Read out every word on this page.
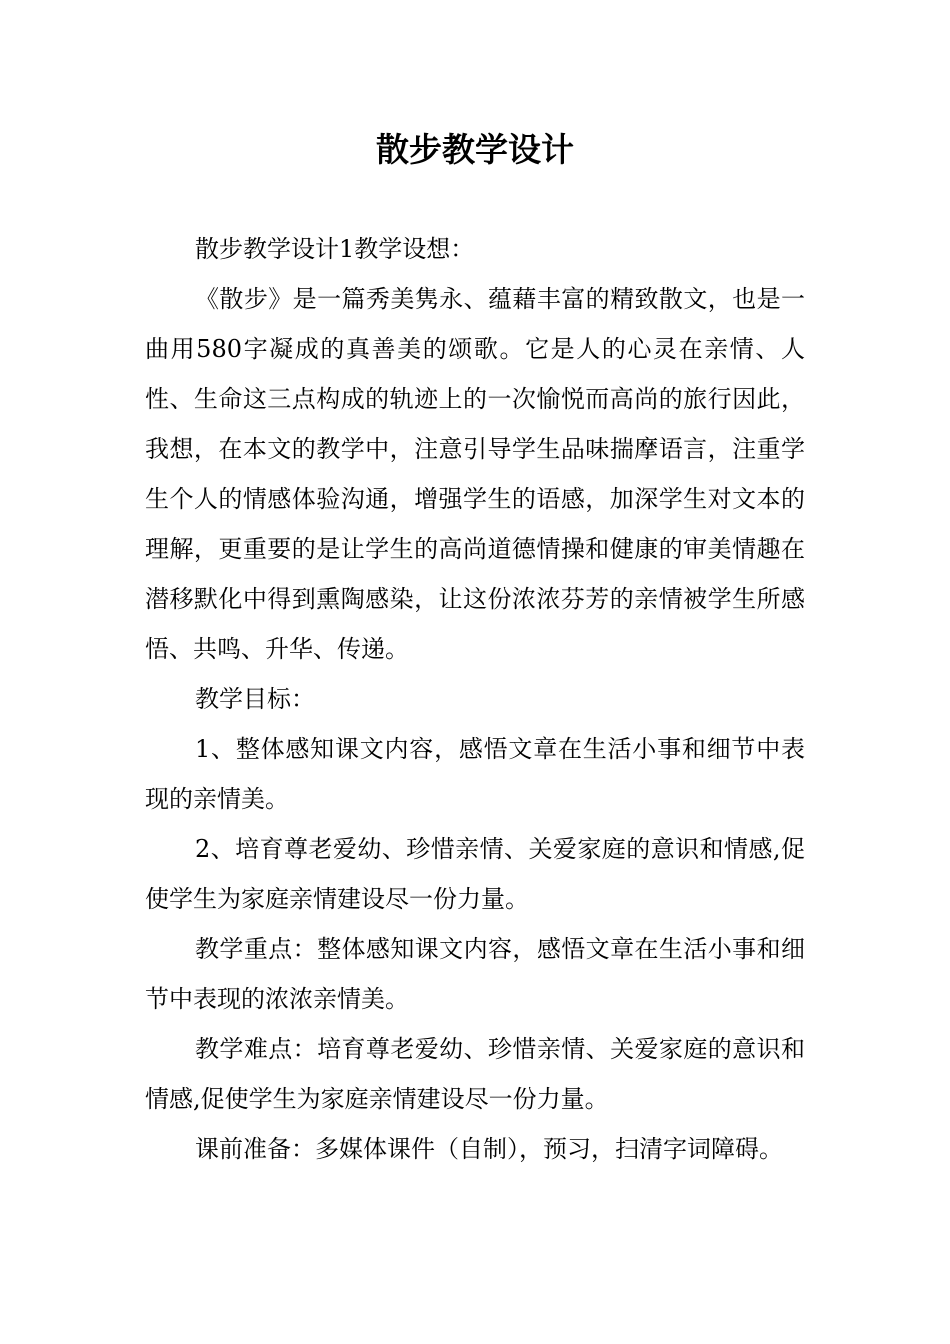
散步教学设计

散步教学设计1教学设想：

《散步》是一篇秀美隽永、蕴藉丰富的精致散文，也是一曲用580字凝成的真善美的颂歌。它是人的心灵在亲情、人性、生命这三点构成的轨迹上的一次愉悦而高尚的旅行因此，我想，在本文的教学中，注意引导学生品味揣摩语言，注重学生个人的情感体验沟通，增强学生的语感，加深学生对文本的理解，更重要的是让学生的高尚道德情操和健康的审美情趣在潜移默化中得到熏陶感染，让这份浓浓芬芳的亲情被学生所感悟、共鸣、升华、传递。

教学目标：

1、整体感知课文内容，感悟文章在生活小事和细节中表现的亲情美。

2、培育尊老爱幼、珍惜亲情、关爱家庭的意识和情感,促使学生为家庭亲情建设尽一份力量。

教学重点：整体感知课文内容，感悟文章在生活小事和细节中表现的浓浓亲情美。

教学难点：培育尊老爱幼、珍惜亲情、关爱家庭的意识和情感,促使学生为家庭亲情建设尽一份力量。

课前准备：多媒体课件（自制），预习，扫清字词障碍。
